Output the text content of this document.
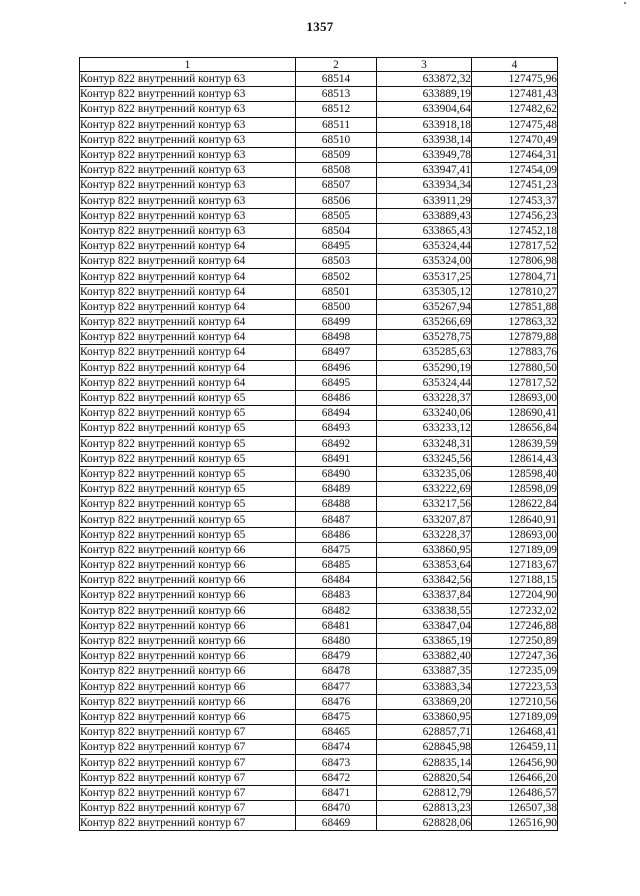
1357
1	2	3	4
Контур 822 внутренний контур 63	68514	633872,32	127475,96
Контур 822 внутренний контур 63	68513	633889,19	127481,43
Контур 822 внутренний контур 63	68512	633904,64	127482,62
Контур 822 внутренний контур 63	68511	633918,18	127475,48
Контур 822 внутренний контур 63	68510	633938,14	127470,49
Контур 822 внутренний контур 63	68509	633949,78	127464,31
Контур 822 внутренний контур 63	68508	633947,41	127454,09
Контур 822 внутренний контур 63	68507	633934,34	127451,23
Контур 822 внутренний контур 63	68506	633911,29	127453,37
Контур 822 внутренний контур 63	68505	633889,43	127456,23
Контур 822 внутренний контур 63	68504	633865,43	127452,18
Контур 822 внутренний контур 64	68495	635324,44	127817,52
Контур 822 внутренний контур 64	68503	635324,00	127806,98
Контур 822 внутренний контур 64	68502	635317,25	127804,71
Контур 822 внутренний контур 64	68501	635305,12	127810,27
Контур 822 внутренний контур 64	68500	635267,94	127851,88
Контур 822 внутренний контур 64	68499	635266,69	127863,32
Контур 822 внутренний контур 64	68498	635278,75	127879,88
Контур 822 внутренний контур 64	68497	635285,63	127883,76
Контур 822 внутренний контур 64	68496	635290,19	127880,50
Контур 822 внутренний контур 64	68495	635324,44	127817,52
Контур 822 внутренний контур 65	68486	633228,37	128693,00
Контур 822 внутренний контур 65	68494	633240,06	128690,41
Контур 822 внутренний контур 65	68493	633233,12	128656,84
Контур 822 внутренний контур 65	68492	633248,31	128639,59
Контур 822 внутренний контур 65	68491	633245,56	128614,43
Контур 822 внутренний контур 65	68490	633235,06	128598,40
Контур 822 внутренний контур 65	68489	633222,69	128598,09
Контур 822 внутренний контур 65	68488	633217,56	128622,84
Контур 822 внутренний контур 65	68487	633207,87	128640,91
Контур 822 внутренний контур 65	68486	633228,37	128693,00
Контур 822 внутренний контур 66	68475	633860,95	127189,09
Контур 822 внутренний контур 66	68485	633853,64	127183,67
Контур 822 внутренний контур 66	68484	633842,56	127188,15
Контур 822 внутренний контур 66	68483	633837,84	127204,90
Контур 822 внутренний контур 66	68482	633838,55	127232,02
Контур 822 внутренний контур 66	68481	633847,04	127246,88
Контур 822 внутренний контур 66	68480	633865,19	127250,89
Контур 822 внутренний контур 66	68479	633882,40	127247,36
Контур 822 внутренний контур 66	68478	633887,35	127235,09
Контур 822 внутренний контур 66	68477	633883,34	127223,53
Контур 822 внутренний контур 66	68476	633869,20	127210,56
Контур 822 внутренний контур 66	68475	633860,95	127189,09
Контур 822 внутренний контур 67	68465	628857,71	126468,41
Контур 822 внутренний контур 67	68474	628845,98	126459,11
Контур 822 внутренний контур 67	68473	628835,14	126456,90
Контур 822 внутренний контур 67	68472	628820,54	126466,20
Контур 822 внутренний контур 67	68471	628812,79	126486,57
Контур 822 внутренний контур 67	68470	628813,23	126507,38
Контур 822 внутренний контур 67	68469	628828,06	126516,90
